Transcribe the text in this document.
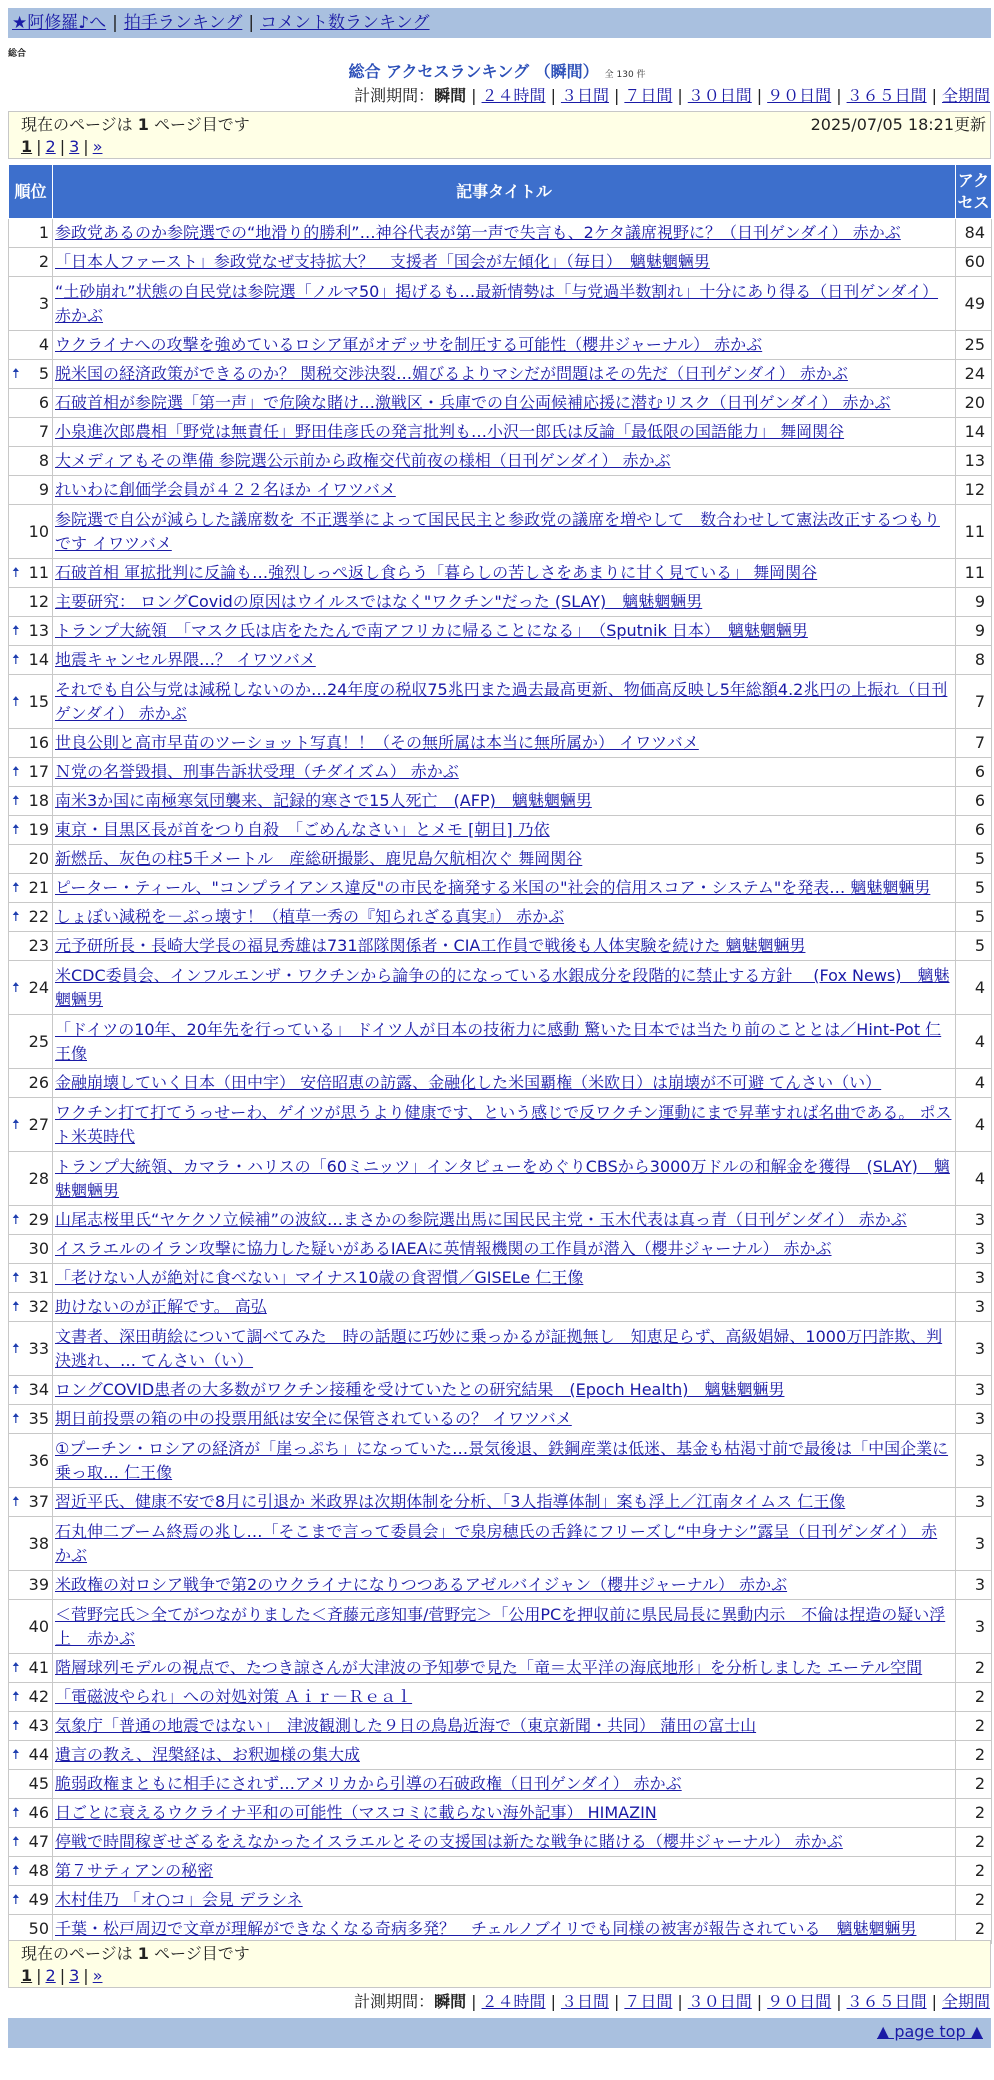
★阿修羅♪へ | 拍手ランキング | コメント数ランキング
総合
総合 アクセスランキング （瞬間） 全 130 件
計測期間：瞬間 | ２４時間 | ３日間 | ７日間 | ３０日間 | ９０日間 | ３６５日間 | 全期間
現在のページは 1 ページ目です	2025/07/05 18:21更新
1 | 2 | 3 | »
順位	記事タイトル	アクセス
1	参政党あるのか参院選での“地滑り的勝利”…神谷代表が第一声で失言も、2ケタ議席視野に？（日刊ゲンダイ） 赤かぶ	84
2	「日本人ファースト」参政党なぜ支持拡大？　支援者「国会が左傾化」（毎日）　魑魅魍魎男	60
3	“土砂崩れ”状態の自民党は参院選「ノルマ50」掲げるも…最新情勢は「与党過半数割れ」十分にあり得る（日刊ゲンダイ） 赤かぶ	49
4	ウクライナへの攻撃を強めているロシア軍がオデッサを制圧する可能性（櫻井ジャーナル） 赤かぶ	25

🠅 5	脱米国の経済政策ができるのか？ 関税交渉決裂…媚びるよりマシだが問題はその先だ（日刊ゲンダイ） 赤かぶ	24
6	石破首相が参院選「第一声」で危険な賭け…激戦区・兵庫での自公両候補応援に潜むリスク（日刊ゲンダイ） 赤かぶ	20
7	小泉進次郎農相「野党は無責任」野田佳彦氏の発言批判も…小沢一郎氏は反論「最低限の国語能力」 舞岡関谷	14
8	大メディアもその準備 参院選公示前から政権交代前夜の様相（日刊ゲンダイ） 赤かぶ	13
9	れいわに創価学会員が４２２名ほか イワツバメ	12
10	参院選で自公が減らした議席数を 不正選挙によって国民民主と参政党の議席を増やして　数合わせして憲法改正するつもりです イワツバメ	11

🠅 11	石破首相 軍拡批判に反論も…強烈しっぺ返し食らう「暮らしの苦しさをあまりに甘く見ている」 舞岡関谷	11
12	主要研究： ロングCovidの原因はウイルスではなく"ワクチン"だった (SLAY)　魑魅魍魎男	9

🠅 13	トランプ大統領　「マスク氏は店をたたんで南アフリカに帰ることになる」　（Sputnik 日本）　魑魅魍魎男	9

🠅 14	地震キャンセル界隈…？ イワツバメ	8

🠅 15	それでも自公与党は減税しないのか…24年度の税収75兆円また過去最高更新、物価高反映し5年総額4.2兆円の上振れ（日刊ゲンダイ） 赤かぶ	7
16	世良公則と高市早苗のツーショット写真！！（その無所属は本当に無所属か） イワツバメ	7

🠅 17	Ｎ党の名誉毀損、刑事告訴状受理（チダイズム） 赤かぶ	6

🠅 18	南米3か国に南極寒気団襲来、記録的寒さで15人死亡　(AFP)　魑魅魍魎男	6

🠅 19	東京・目黒区長が首をつり自殺　「ごめんなさい」とメモ [朝日] 乃依	6
20	新燃岳、灰色の柱5千メートル　産総研撮影、鹿児島欠航相次ぐ 舞岡関谷	5

🠅 21	ピーター・ティール、"コンプライアンス違反"の市民を摘発する米国の"社会的信用スコア・システム"を発表… 魑魅魍魎男	5

🠅 22	しょぼい減税を－ぶっ壊す！（植草一秀の『知られざる真実』） 赤かぶ	5
23	元予研所長・長崎大学長の福見秀雄は731部隊関係者・CIA工作員で戦後も人体実験を続けた 魑魅魍魎男	5

🠅 24	米CDC委員会、インフルエンザ・ワクチンから論争の的になっている水銀成分を段階的に禁止する方針　 (Fox News)　魑魅魍魎男	4
25	「ドイツの10年、20年先を行っている」 ドイツ人が日本の技術力に感動 驚いた日本では当たり前のこととは／Hint-Pot 仁王像	4
26	金融崩壊していく日本（田中宇） 安倍昭恵の訪露、金融化した米国覇権（米欧日）は崩壊が不可避 てんさい（い）	4

🠅 27	ワクチン打て打てうっせーわ、ゲイツが思うより健康です、という感じで反ワクチン運動にまで昇華すれば名曲である。 ポスト米英時代	4
28	トランプ大統領、カマラ・ハリスの「60ミニッツ」インタビューをめぐりCBSから3000万ドルの和解金を獲得　(SLAY)　魑魅魍魎男	4

🠅 29	山尾志桜里氏“ヤケクソ立候補”の波紋…まさかの参院選出馬に国民民主党・玉木代表は真っ青（日刊ゲンダイ） 赤かぶ	3
30	イスラエルのイラン攻撃に協力した疑いがあるIAEAに英情報機関の工作員が潜入（櫻井ジャーナル） 赤かぶ	3

🠅 31	「老けない人が絶対に食べない」マイナス10歳の食習慣／GISELe 仁王像	3

🠅 32	助けないのが正解です。 高弘	3

🠅 33	文書者、深田萌絵について調べてみた　時の話題に巧妙に乗っかるが証拠無し　知恵足らず、高級娼婦、1000万円詐欺、判決逃れ、… てんさい（い）	3

🠅 34	ロングCOVID患者の大多数がワクチン接種を受けていたとの研究結果　(Epoch Health)　魑魅魍魎男	3

🠅 35	期日前投票の箱の中の投票用紙は安全に保管されているの？ イワツバメ	3
36	①プーチン・ロシアの経済が「崖っぷち」になっていた…景気後退、鉄鋼産業は低迷、基金も枯渇寸前で最後は「中国企業に乗っ取… 仁王像	3

🠅 37	習近平氏、健康不安で8月に引退か 米政界は次期体制を分析、「3人指導体制」案も浮上／江南タイムス 仁王像	3
38	石丸伸二ブーム終焉の兆し…「そこまで言って委員会」で泉房穂氏の舌鋒にフリーズし“中身ナシ”露呈（日刊ゲンダイ） 赤かぶ	3
39	米政権の対ロシア戦争で第2のウクライナになりつつあるアゼルバイジャン（櫻井ジャーナル） 赤かぶ	3
40	＜菅野完氏＞全てがつながりました＜斉藤元彦知事/菅野完＞「公用PCを押収前に県民局長に異動内示　不倫は捏造の疑い浮上　赤かぶ	3

🠅 41	階層球列モデルの視点で、たつき諒さんが大津波の予知夢で見た「竜＝太平洋の海底地形」を分析しました エーテル空間	2

🠅 42	「電磁波やられ」への対処対策 Ａｉｒ－Ｒｅａｌ	2

🠅 43	気象庁「普通の地震ではない」　津波観測した９日の鳥島近海で（東京新聞・共同） 蒲田の富士山	2

🠅 44	遺言の教え、涅槃経は、お釈迦様の集大成	2
45	脆弱政権まともに相手にされず…アメリカから引導の石破政権（日刊ゲンダイ） 赤かぶ	2

🠅 46	日ごとに衰えるウクライナ平和の可能性（マスコミに載らない海外記事） HIMAZIN	2

🠅 47	停戦で時間稼ぎせざるをえなかったイスラエルとその支援国は新たな戦争に賭ける（櫻井ジャーナル） 赤かぶ	2

🠅 48	第７サティアンの秘密	2

🠅 49	木村佳乃 「オ○コ」会見 デラシネ	2
50	千葉・松戸周辺で文章が理解ができなくなる奇病多発？　チェルノブイリでも同様の被害が報告されている　魑魅魍魎男	2
現在のページは 1 ページ目です
1 | 2 | 3 | »
計測期間：瞬間 | ２４時間 | ３日間 | ７日間 | ３０日間 | ９０日間 | ３６５日間 | 全期間
▲ page top ▲
